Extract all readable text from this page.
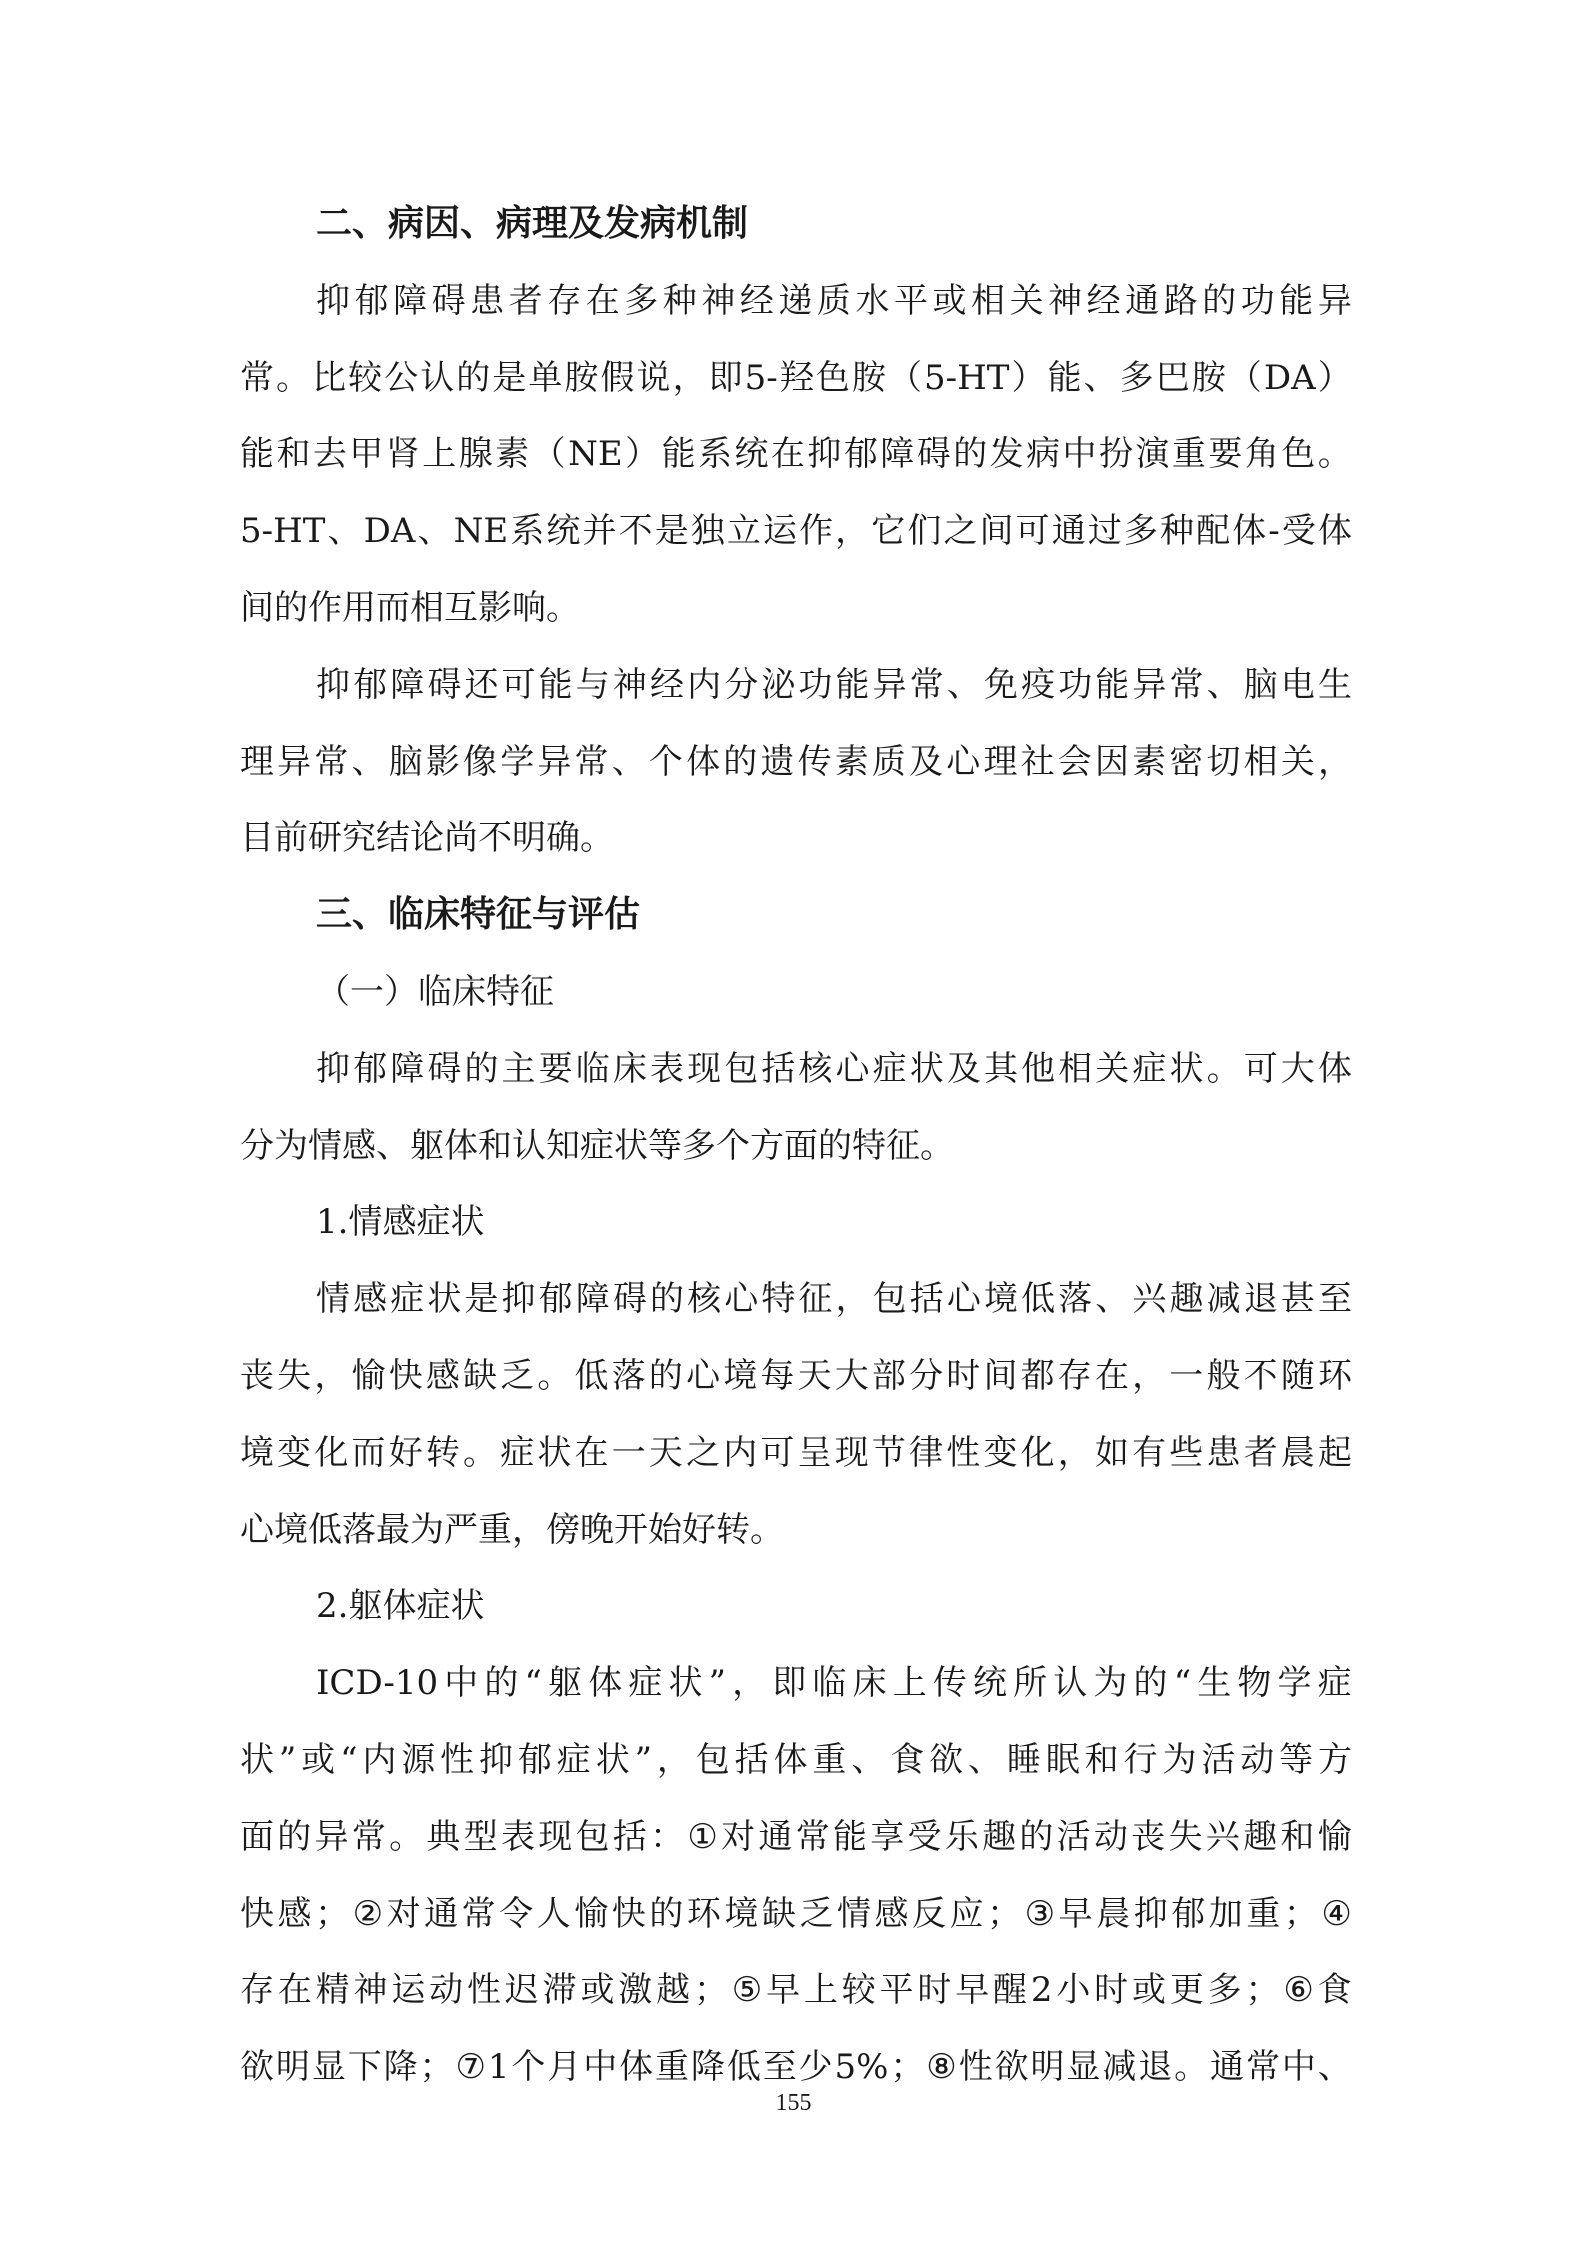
二、病因、病理及发病机制
抑 郁 障 碍 患 者 存 在 多 种 神 经 递 质 水 平 或 相 关 神 经 通 路 的 功 能 异
常 。 比 较 公 认 的 是 单 胺 假 说 ， 即 5- 羟 色 胺 （ 5-HT ） 能 、 多 巴 胺 （ DA ）
能 和 去 甲 肾 上 腺 素 （ NE ） 能 系 统 在 抑 郁 障 碍 的 发 病 中 扮 演 重 要 角 色 。
5-HT 、 DA 、 NE 系 统 并 不 是 独 立 运 作 ， 它 们 之 间 可 通 过 多 种 配 体 - 受 体
间的作用而相互影响。
抑 郁 障 碍 还 可 能 与 神 经 内 分 泌 功 能 异 常 、 免 疫 功 能 异 常 、 脑 电 生
理 异 常 、 脑 影 像 学 异 常 、 个 体 的 遗 传 素 质 及 心 理 社 会 因 素 密 切 相 关 ，
目前研究结论尚不明确。
三、临床特征与评估
（一）临床特征
抑 郁 障 碍 的 主 要 临 床 表 现 包 括 核 心 症 状 及 其 他 相 关 症 状 。 可 大 体
分为情感、躯体和认知症状等多个方面的特征。
1.情感症状
情 感 症 状 是 抑 郁 障 碍 的 核 心 特 征 ， 包 括 心 境 低 落 、 兴 趣 减 退 甚 至
丧 失 ， 愉 快 感 缺 乏 。 低 落 的 心 境 每 天 大 部 分 时 间 都 存 在 ， 一 般 不 随 环
境 变 化 而 好 转 。 症 状 在 一 天 之 内 可 呈 现 节 律 性 变 化 ， 如 有 些 患 者 晨 起
心境低落最为严重，傍晚开始好转。
2.躯体症状
ICD-10 中 的 “ 躯 体 症 状 ” ， 即 临 床 上 传 统 所 认 为 的 “ 生 物 学 症
状 ” 或 “ 内 源 性 抑 郁 症 状 ” ， 包 括 体 重 、 食 欲 、 睡 眠 和 行 为 活 动 等 方
面 的 异 常 。 典 型 表 现 包 括 ： ① 对 通 常 能 享 受 乐 趣 的 活 动 丧 失 兴 趣 和 愉
快 感 ； ② 对 通 常 令 人 愉 快 的 环 境 缺 乏 情 感 反 应 ； ③ 早 晨 抑 郁 加 重 ； ④
存 在 精 神 运 动 性 迟 滞 或 激 越 ； ⑤ 早 上 较 平 时 早 醒 2 小 时 或 更 多 ； ⑥ 食
欲 明 显 下 降 ； ⑦ 1 个 月 中 体 重 降 低 至 少 5% ； ⑧ 性 欲 明 显 减 退 。 通 常 中 、
155
